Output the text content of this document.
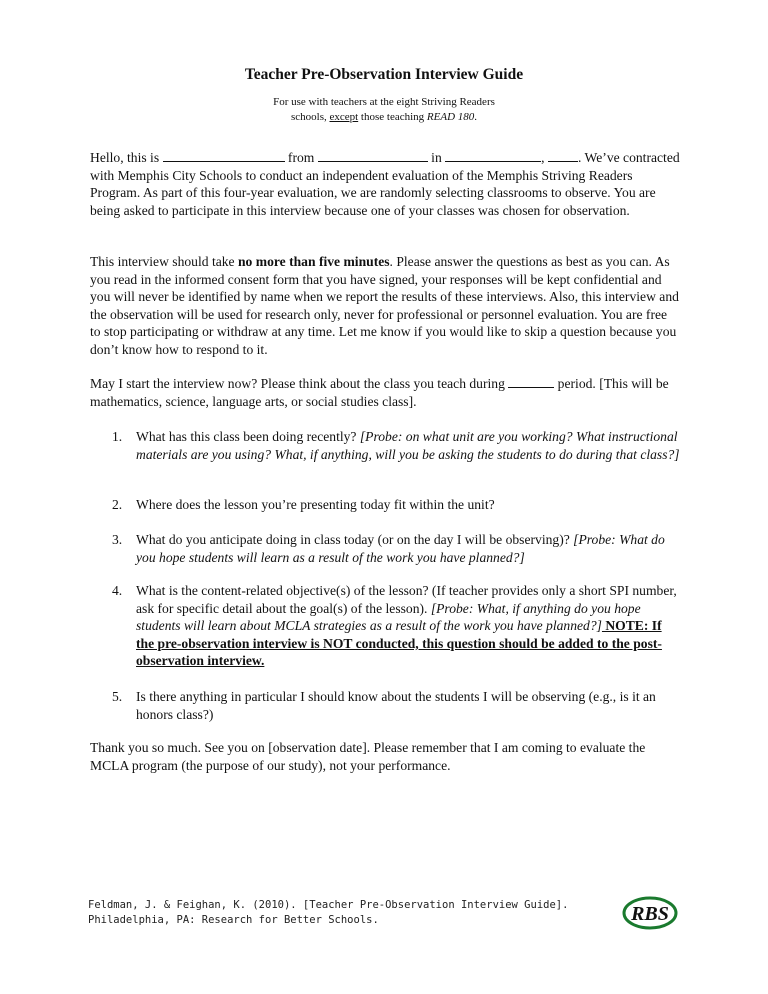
Teacher Pre-Observation Interview Guide
For use with teachers at the eight Striving Readers
schools, except those teaching READ 180.

Hello, this is	from	in	, . We’ve contracted with Memphis City Schools to conduct an independent evaluation of the Memphis Striving Readers Program. As part of this four-year evaluation, we are randomly selecting classrooms to observe. You are being asked to participate in this interview because one of your classes was chosen for observation.

This interview should take no more than five minutes. Please answer the questions as best as you can. As you read in the informed consent form that you have signed, your responses will be kept confidential and you will never be identified by name when we report the results of these interviews. Also, this interview and the observation will be used for research only, never for professional or personnel evaluation. You are free to stop participating or withdraw at any time. Let me know if you would like to skip a question because you don’t know how to respond to it.

May I start the interview now? Please think about the class you teach during	period. [This will be mathematics, science, language arts, or social studies class].

1. What has this class been doing recently? [Probe: on what unit are you working? What instructional materials are you using? What, if anything, will you be asking the students to do during that class?]
2. Where does the lesson you’re presenting today fit within the unit?
3. What do you anticipate doing in class today (or on the day I will be observing)? [Probe: What do you hope students will learn as a result of the work you have planned?]
4. What is the content-related objective(s) of the lesson? (If teacher provides only a short SPI number, ask for specific detail about the goal(s) of the lesson). [Probe: What, if anything do you hope students will learn about MCLA strategies as a result of the work you have planned?] NOTE: If the pre-observation interview is NOT conducted, this question should be added to the post-observation interview.
5. Is there anything in particular I should know about the students I will be observing (e.g., is it an honors class?)

Thank you so much. See you on [observation date]. Please remember that I am coming to evaluate the MCLA program (the purpose of our study), not your performance.

Feldman, J. & Feighan, K. (2010). [Teacher Pre-Observation Interview Guide].
Philadelphia, PA: Research for Better Schools.	RBS
